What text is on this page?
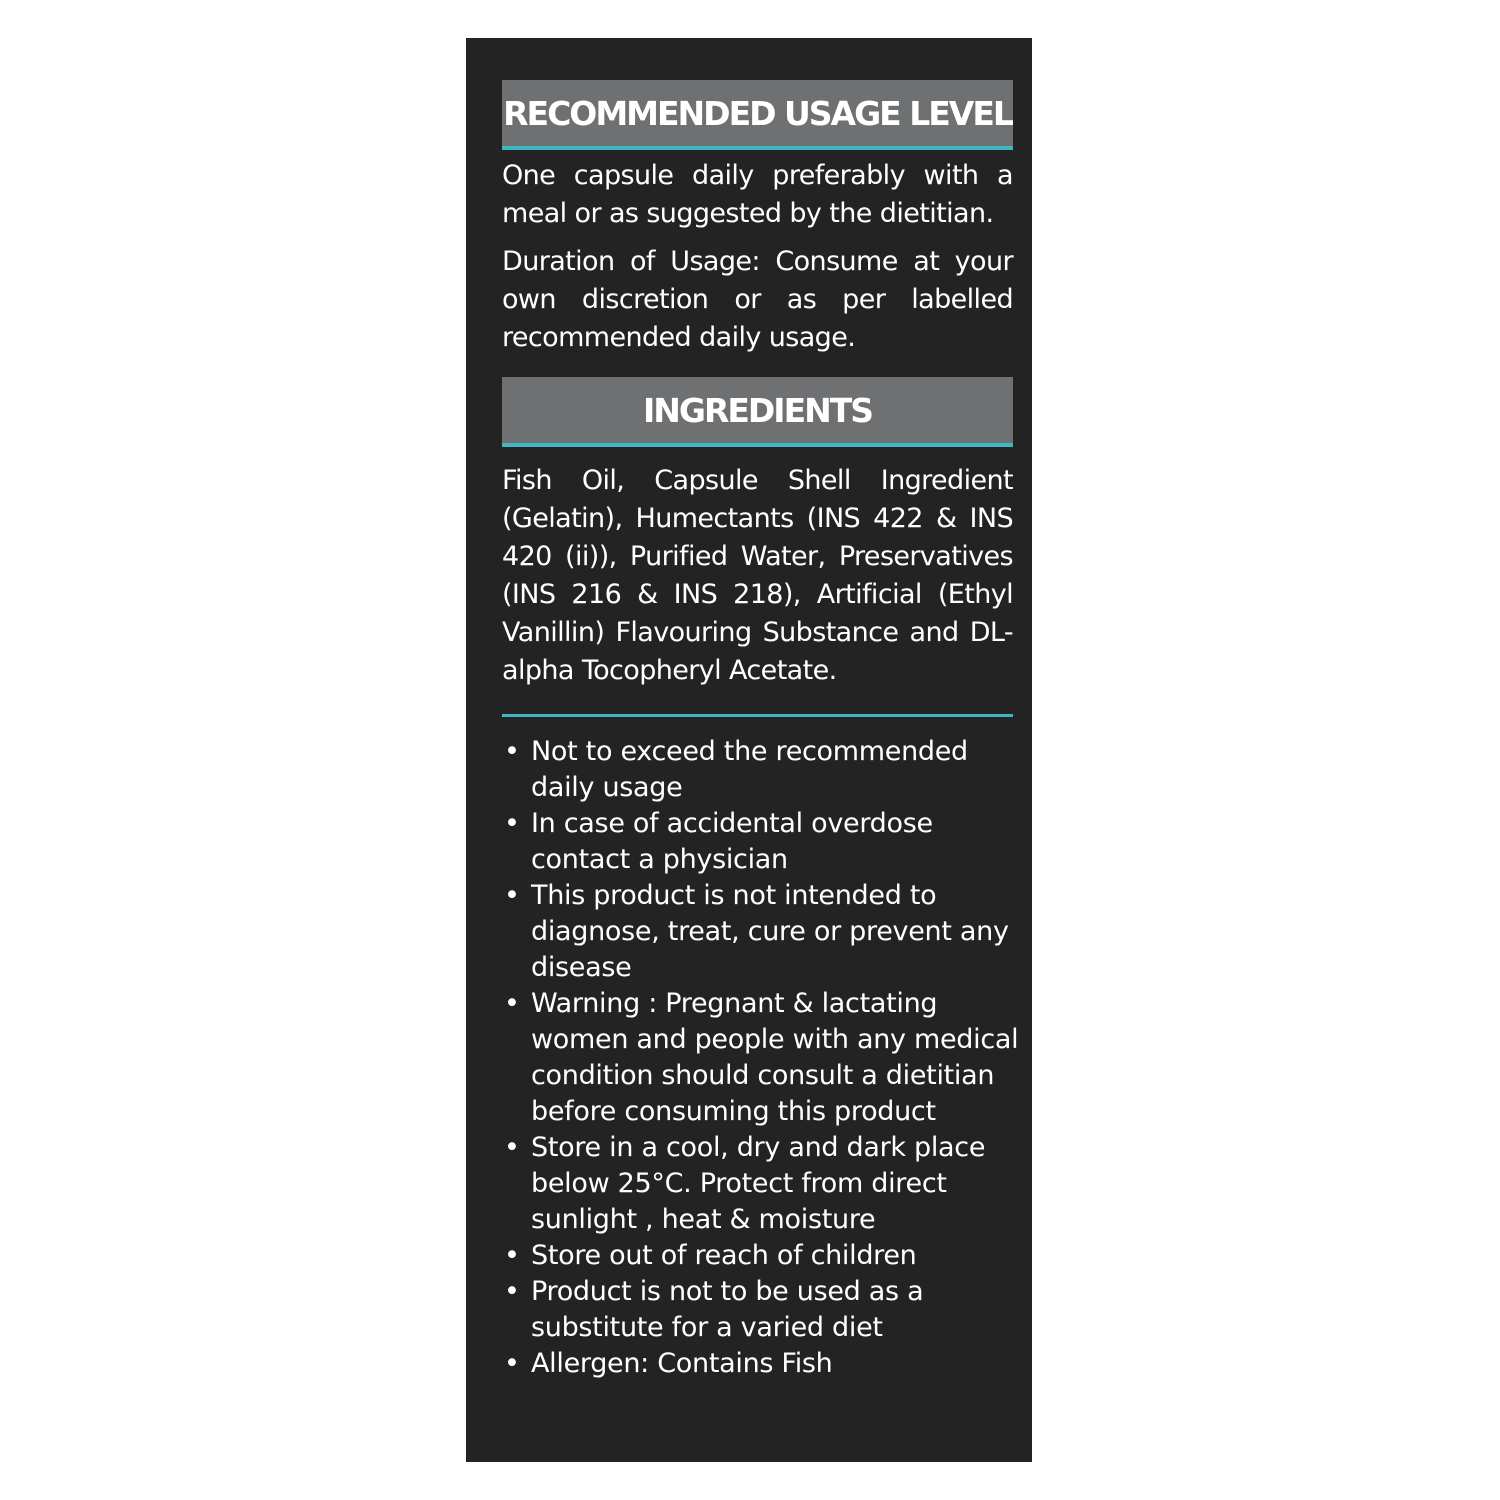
RECOMMENDED USAGE LEVEL

One capsule daily preferably with a meal or as suggested by the dietitian.

Duration of Usage: Consume at your own discretion or as per labelled recommended daily usage.

INGREDIENTS

Fish Oil, Capsule Shell Ingredient (Gelatin), Humectants (INS 422 & INS 420 (ii)), Purified Water, Preservatives (INS 216 & INS 218), Artificial (Ethyl Vanillin) Flavouring Substance and DL-alpha Tocopheryl Acetate.

• Not to exceed the recommended daily usage
• In case of accidental overdose contact a physician
• This product is not intended to diagnose, treat, cure or prevent any disease
• Warning : Pregnant & lactating women and people with any medical condition should consult a dietitian before consuming this product
• Store in a cool, dry and dark place below 25°C. Protect from direct sunlight , heat & moisture
• Store out of reach of children
• Product is not to be used as a substitute for a varied diet
• Allergen: Contains Fish
